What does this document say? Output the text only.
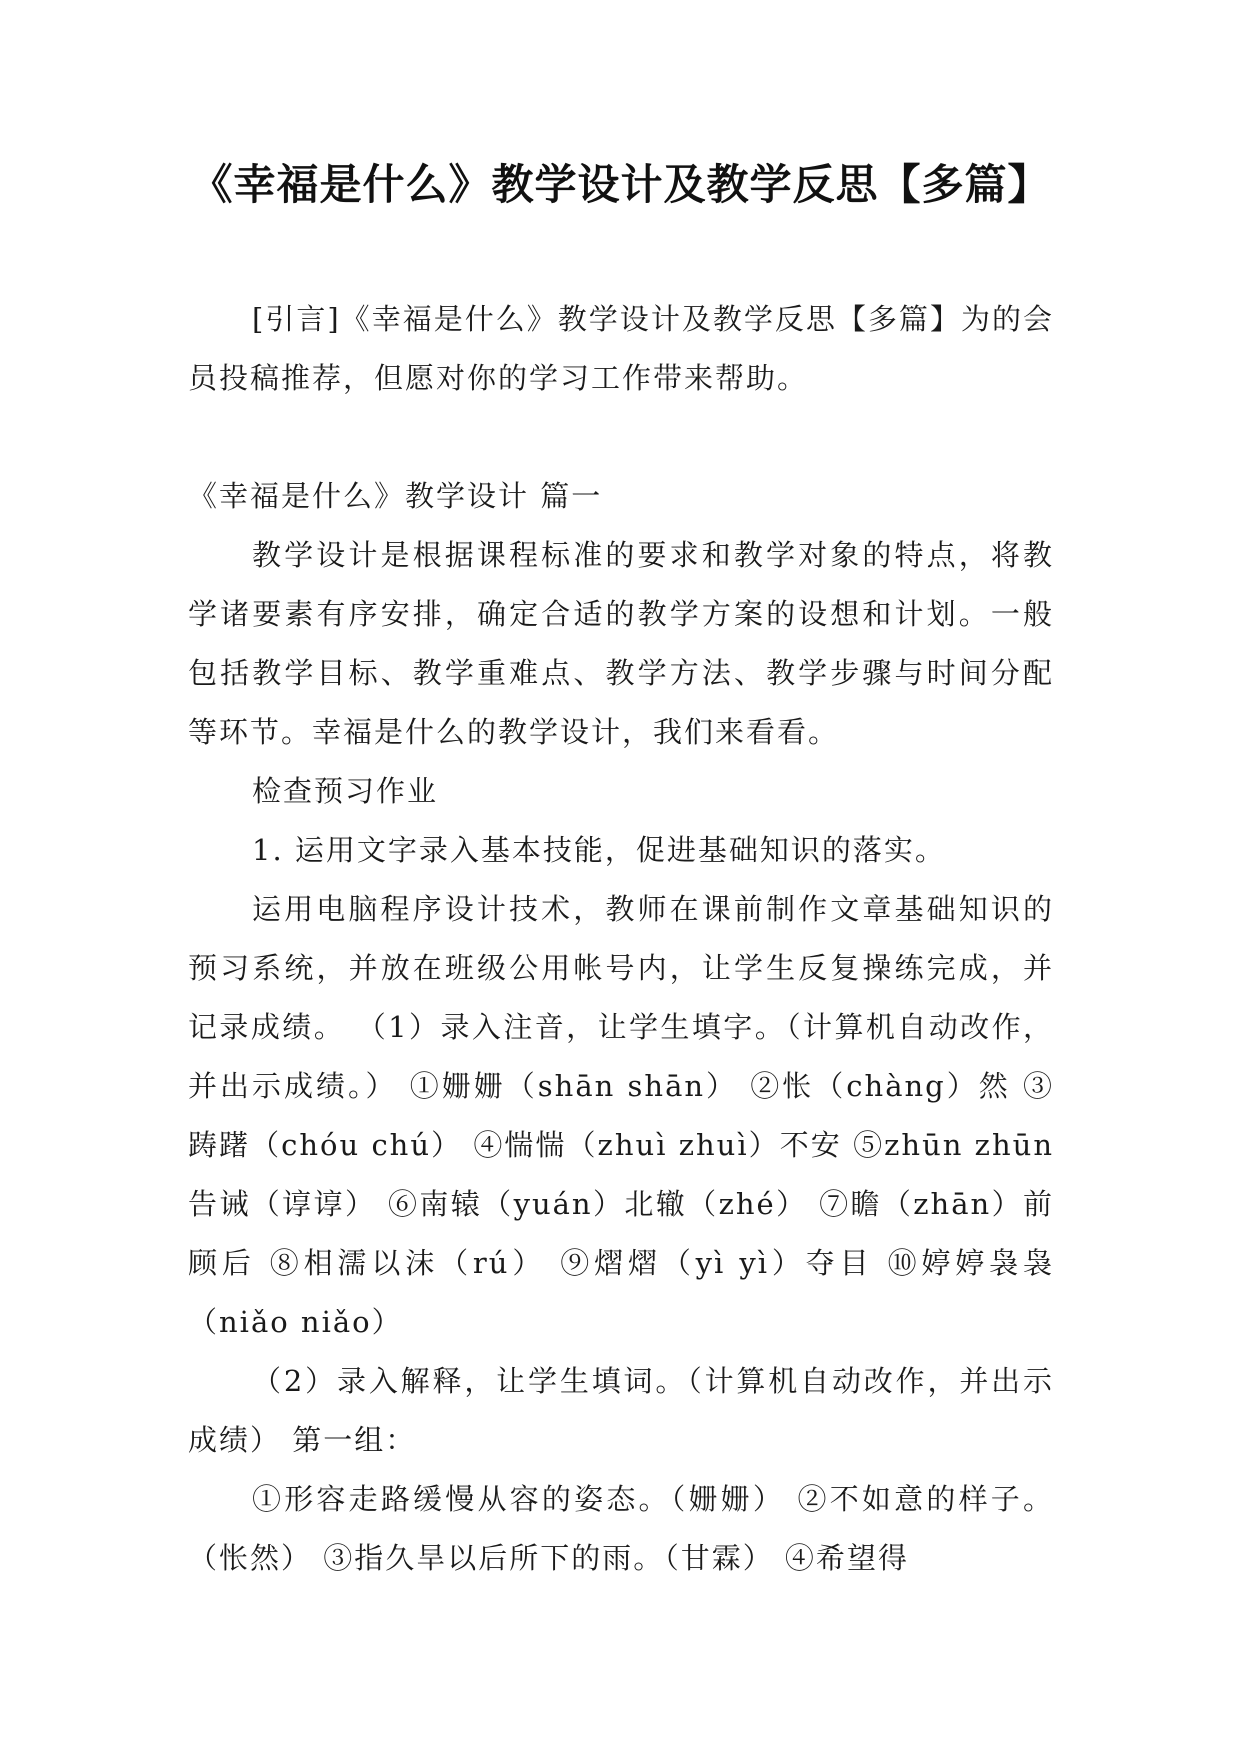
《幸福是什么》教学设计及教学反思【多篇】

[引言]《幸福是什么》教学设计及教学反思【多篇】为的会员投稿推荐，但愿对你的学习工作带来帮助。

《幸福是什么》教学设计 篇一

教学设计是根据课程标准的要求和教学对象的特点，将教学诸要素有序安排，确定合适的教学方案的设想和计划。一般包括教学目标、教学重难点、教学方法、教学步骤与时间分配等环节。幸福是什么的教学设计，我们来看看。

检查预习作业

1. 运用文字录入基本技能，促进基础知识的落实。

运用电脑程序设计技术，教师在课前制作文章基础知识的预习系统，并放在班级公用帐号内，让学生反复操练完成，并记录成绩。 （1）录入注音，让学生填字。（计算机自动改作，并出示成绩。） ①姗姗（shān shān） ②怅（chàng）然 ③踌躇（chóu chú） ④惴惴（zhuì zhuì）不安 ⑤zhūn zhūn告诫（谆谆） ⑥南辕（yuán）北辙（zhé） ⑦瞻（zhān）前顾后 ⑧相濡以沫（rú） ⑨熠熠（yì yì）夺目 ⑩婷婷袅袅（niǎo niǎo）

（2）录入解释，让学生填词。（计算机自动改作，并出示成绩） 第一组：

①形容走路缓慢从容的姿态。（姗姗） ②不如意的样子。（怅然） ③指久旱以后所下的雨。（甘霖） ④希望得
